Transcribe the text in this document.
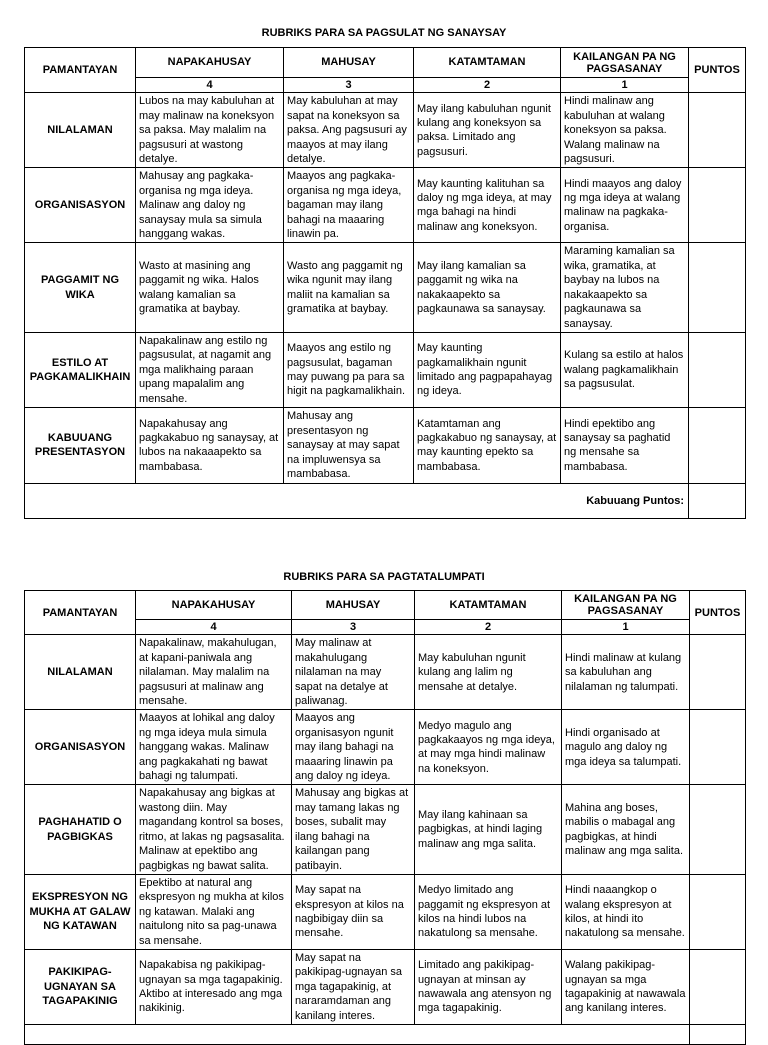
RUBRIKS PARA SA PAGSULAT NG SANAYSAY
PAMANTAYAN	NAPAKAHUSAY	MAHUSAY	KATAMTAMAN	KAILANGAN PA NG PAGSASANAY	PUNTOS
	4	3	2	1	
NILALAMAN	Lubos na may kabuluhan at may malinaw na koneksyon sa paksa. May malalim na pagsusuri at wastong detalye.	May kabuluhan at may sapat na koneksyon sa paksa. Ang pagsusuri ay maayos at may ilang detalye.	May ilang kabuluhan ngunit kulang ang koneksyon sa paksa. Limitado ang pagsusuri.	Hindi malinaw ang kabuluhan at walang koneksyon sa paksa. Walang malinaw na pagsusuri.	
ORGANISASYON	Mahusay ang pagkaka-organisa ng mga ideya. Malinaw ang daloy ng sanaysay mula sa simula hanggang wakas.	Maayos ang pagkaka-organisa ng mga ideya, bagaman may ilang bahagi na maaaring linawin pa.	May kaunting kalituhan sa daloy ng mga ideya, at may mga bahagi na hindi malinaw ang koneksyon.	Hindi maayos ang daloy ng mga ideya at walang malinaw na pagkaka-organisa.	
PAGGAMIT NG WIKA	Wasto at masining ang paggamit ng wika. Halos walang kamalian sa gramatika at baybay.	Wasto ang paggamit ng wika ngunit may ilang maliit na kamalian sa gramatika at baybay.	May ilang kamalian sa paggamit ng wika na nakakaapekto sa pagkaunawa sa sanaysay.	Maraming kamalian sa wika, gramatika, at baybay na lubos na nakakaapekto sa pagkaunawa sa sanaysay.	
ESTILO AT PAGKAMALIKHAIN	Napakalinaw ang estilo ng pagsusulat, at nagamit ang mga malikhaing paraan upang mapalalim ang mensahe.	Maayos ang estilo ng pagsusulat, bagaman may puwang pa para sa higit na pagkamalikhain.	May kaunting pagkamalikhain ngunit limitado ang pagpapahayag ng ideya.	Kulang sa estilo at halos walang pagkamalikhain sa pagsusulat.	
KABUUANG PRESENTASYON	Napakahusay ang pagkakabuo ng sanaysay, at lubos na nakaaapekto sa mambabasa.	Mahusay ang presentasyon ng sanaysay at may sapat na impluwensya sa mambabasa.	Katamtaman ang pagkakabuo ng sanaysay, at may kaunting epekto sa mambabasa.	Hindi epektibo ang sanaysay sa paghatid ng mensahe sa mambabasa.	
Kabuuang Puntos:					
RUBRIKS PARA SA PAGTATALUMPATI
PAMANTAYAN	NAPAKAHUSAY	MAHUSAY	KATAMTAMAN	KAILANGAN PA NG PAGSASANAY	PUNTOS
	4	3	2	1	
NILALAMAN	Napakalinaw, makahulugan, at kapani-paniwala ang nilalaman. May malalim na pagsusuri at malinaw ang mensahe.	May malinaw at makahulugang nilalaman na may sapat na detalye at paliwanag.	May kabuluhan ngunit kulang ang lalim ng mensahe at detalye.	Hindi malinaw at kulang sa kabuluhan ang nilalaman ng talumpati.	
ORGANISASYON	Maayos at lohikal ang daloy ng mga ideya mula simula hanggang wakas. Malinaw ang pagkakahati ng bawat bahagi ng talumpati.	Maayos ang organisasyon ngunit may ilang bahagi na maaaring linawin pa ang daloy ng ideya.	Medyo magulo ang pagkakaayos ng mga ideya, at may mga hindi malinaw na koneksyon.	Hindi organisado at magulo ang daloy ng mga ideya sa talumpati.	
PAGHAHATID O PAGBIGKAS	Napakahusay ang bigkas at wastong diin. May magandang kontrol sa boses, ritmo, at lakas ng pagsasalita. Malinaw at epektibo ang pagbigkas ng bawat salita.	Mahusay ang bigkas at may tamang lakas ng boses, subalit may ilang bahagi na kailangan pang patibayin.	May ilang kahinaan sa pagbigkas, at hindi laging malinaw ang mga salita.	Mahina ang boses, mabilis o mabagal ang pagbigkas, at hindi malinaw ang mga salita.	
EKSPRESYON NG MUKHA AT GALAW NG KATAWAN	Epektibo at natural ang ekspresyon ng mukha at kilos ng katawan. Malaki ang naitulong nito sa pag-unawa sa mensahe.	May sapat na ekspresyon at kilos na nagbibigay diin sa mensahe.	Medyo limitado ang paggamit ng ekspresyon at kilos na hindi lubos na nakatulong sa mensahe.	Hindi naaangkop o walang ekspresyon at kilos, at hindi ito nakatulong sa mensahe.	
PAKIKIPAG-UGNAYAN SA TAGAPAKINIG	Napakabisa ng pakikipag-ugnayan sa mga tagapakinig. Aktibo at interesado ang mga nakikinig.	May sapat na pakikipag-ugnayan sa mga tagapakinig, at nararamdaman ang kanilang interes.	Limitado ang pakikipag-ugnayan at minsan ay nawawala ang atensyon ng mga tagapakinig.	Walang pakikipag-ugnayan sa mga tagapakinig at nawawala ang kanilang interes.	
